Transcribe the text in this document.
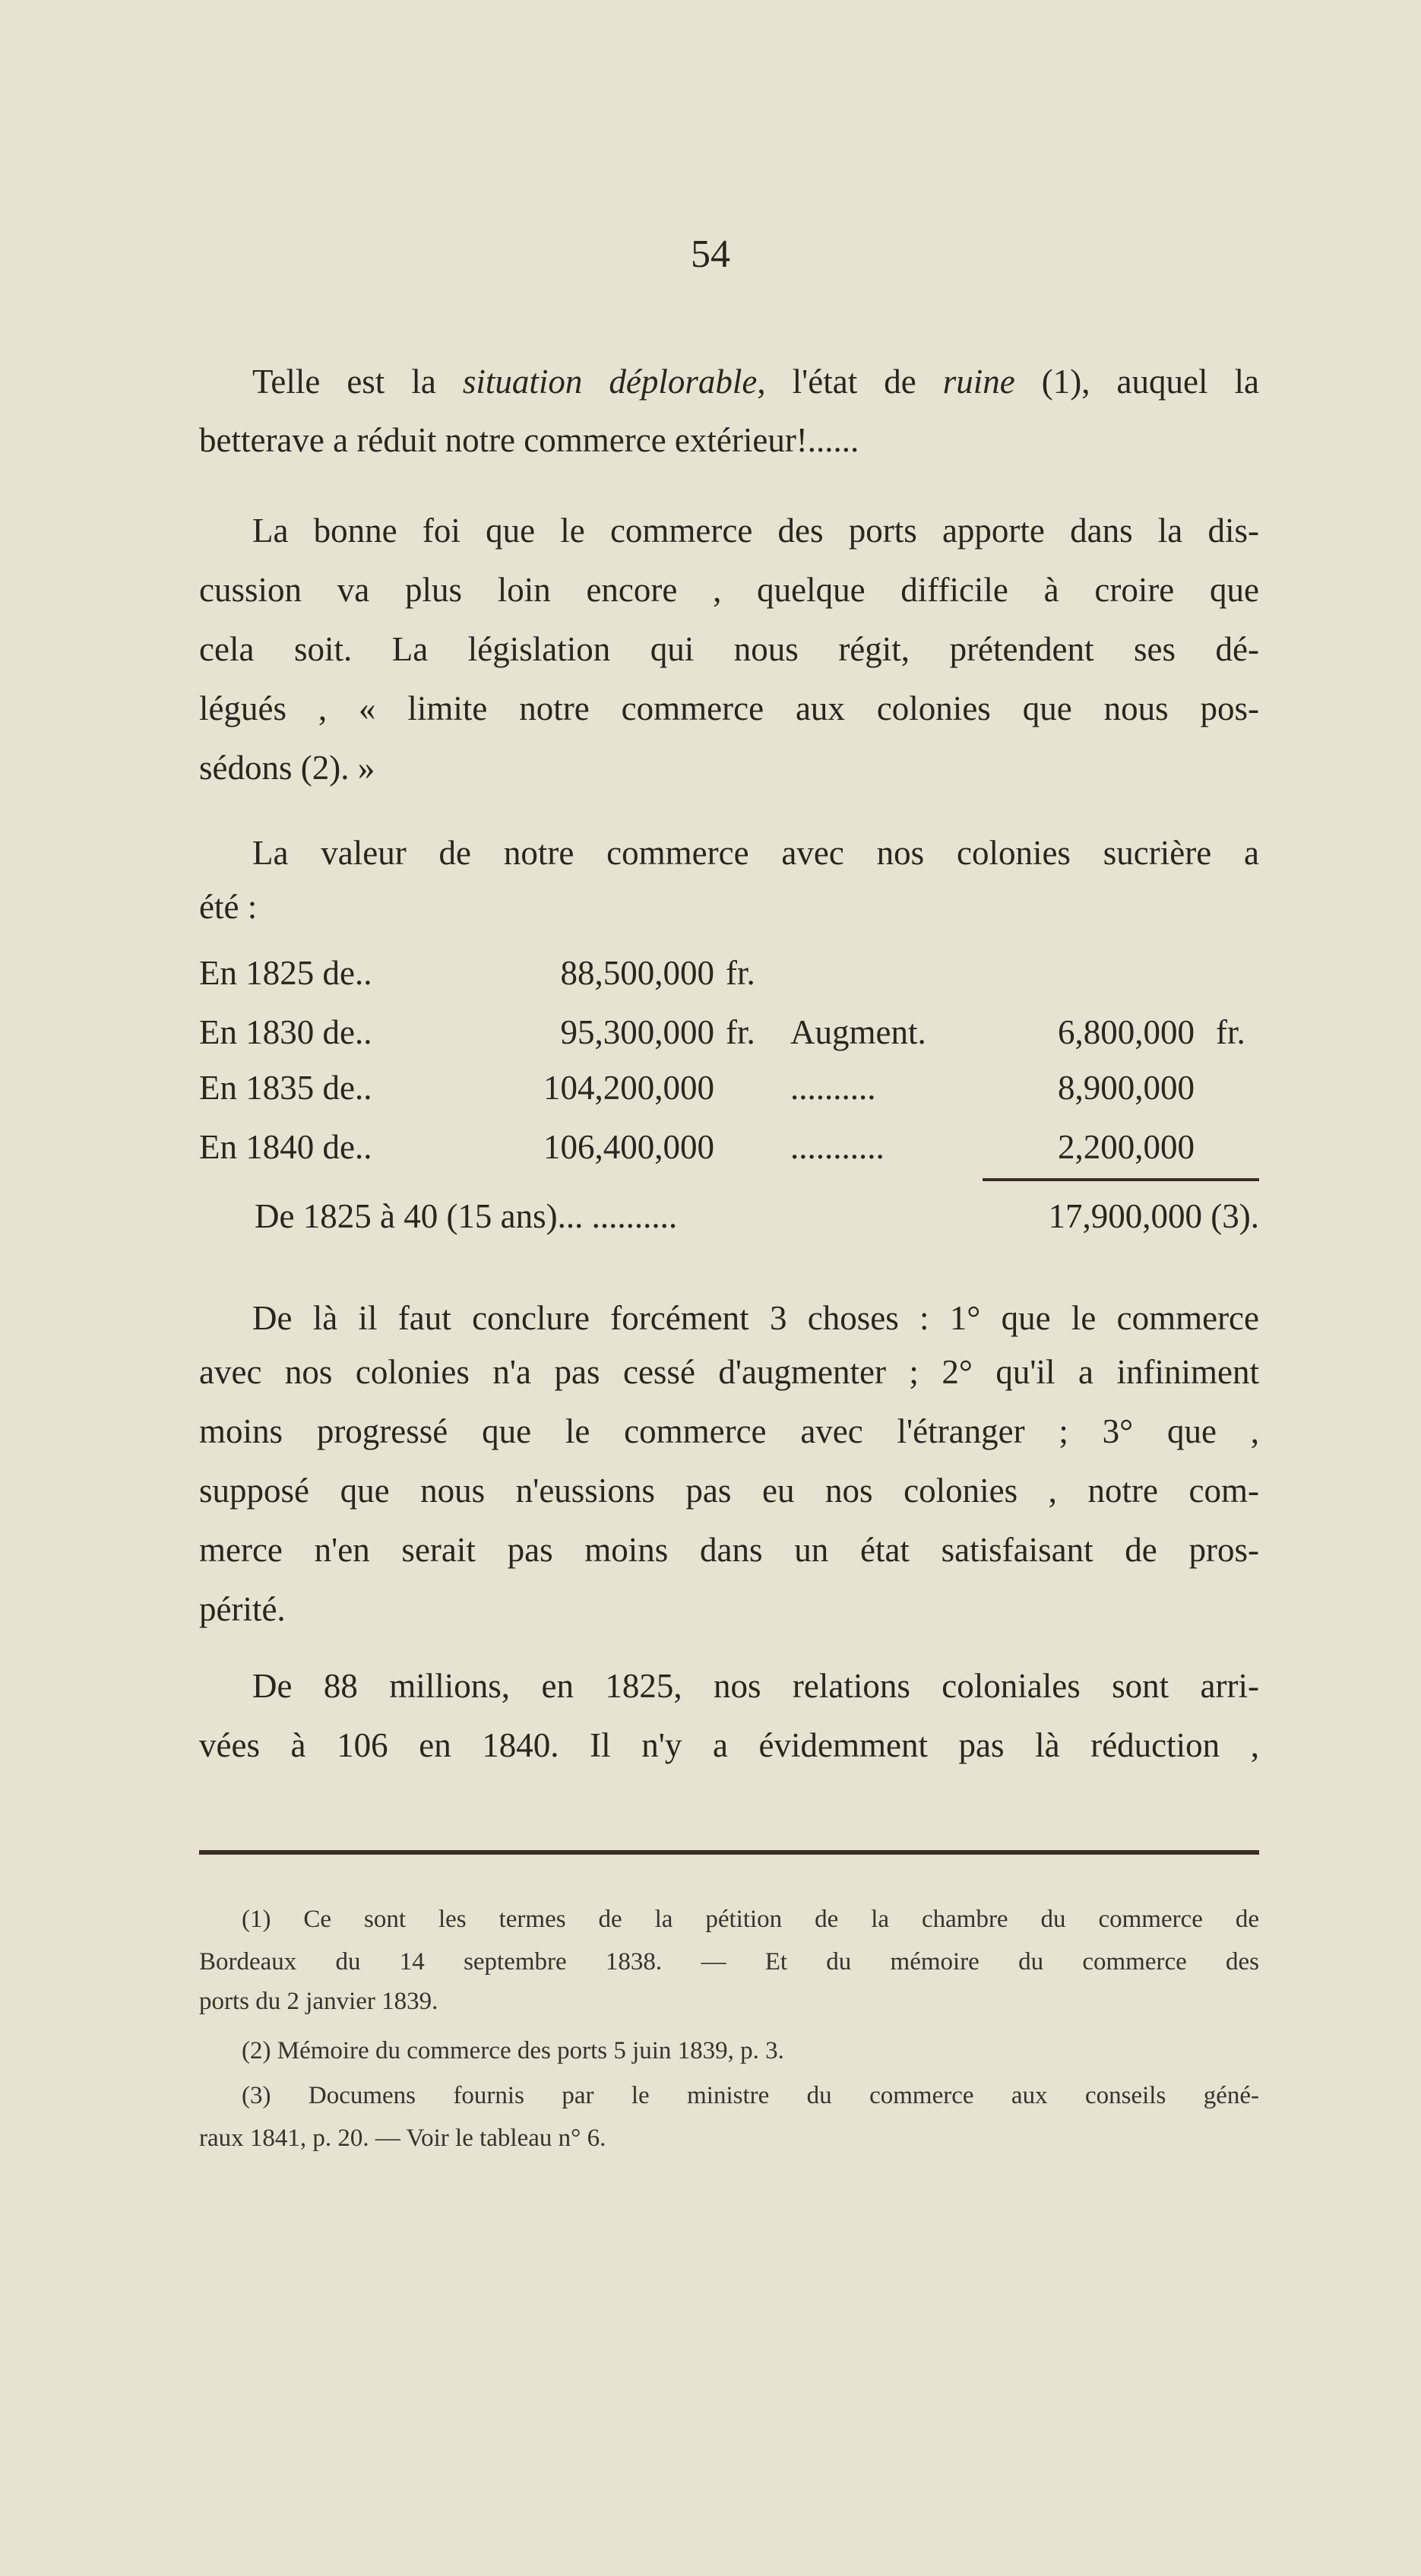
54
Telle est la situation déplorable, l'état de ruine (1), auquel la
betterave a réduit notre commerce extérieur!......
La bonne foi que le commerce des ports apporte dans la dis-
cussion va plus loin encore , quelque difficile à croire que
cela soit. La législation qui nous régit, prétendent ses dé-
légués , « limite notre commerce aux colonies que nous pos-
sédons (2). »
La valeur de notre commerce avec nos colonies sucrière a
été :
De là il faut conclure forcément 3 choses : 1° que le commerce
avec nos colonies n'a pas cessé d'augmenter ; 2° qu'il a infiniment
moins progressé que le commerce avec l'étranger ; 3° que ,
supposé que nous n'eussions pas eu nos colonies , notre com-
merce n'en serait pas moins dans un état satisfaisant de pros-
périté.
De 88 millions, en 1825, nos relations coloniales sont arri-
vées à 106 en 1840. Il n'y a évidemment pas là réduction ,
En 1825 de..	88,500,000 fr.
En 1830 de..	95,300,000 fr. Augment.	6,800,000 fr.
En 1835 de..	104,200,000 ..........	8,900,000
En 1840 de..	106,400,000 ...........	2,200,000
De 1825 à 40 (15 ans)... ..........	17,900,000 (3).
(1) Ce sont les termes de la pétition de la chambre du commerce de
Bordeaux du 14 septembre 1838. — Et du mémoire du commerce des
ports du 2 janvier 1839.
(2) Mémoire du commerce des ports 5 juin 1839, p. 3.
(3) Documens fournis par le ministre du commerce aux conseils géné-
raux 1841, p. 20. — Voir le tableau n° 6.
